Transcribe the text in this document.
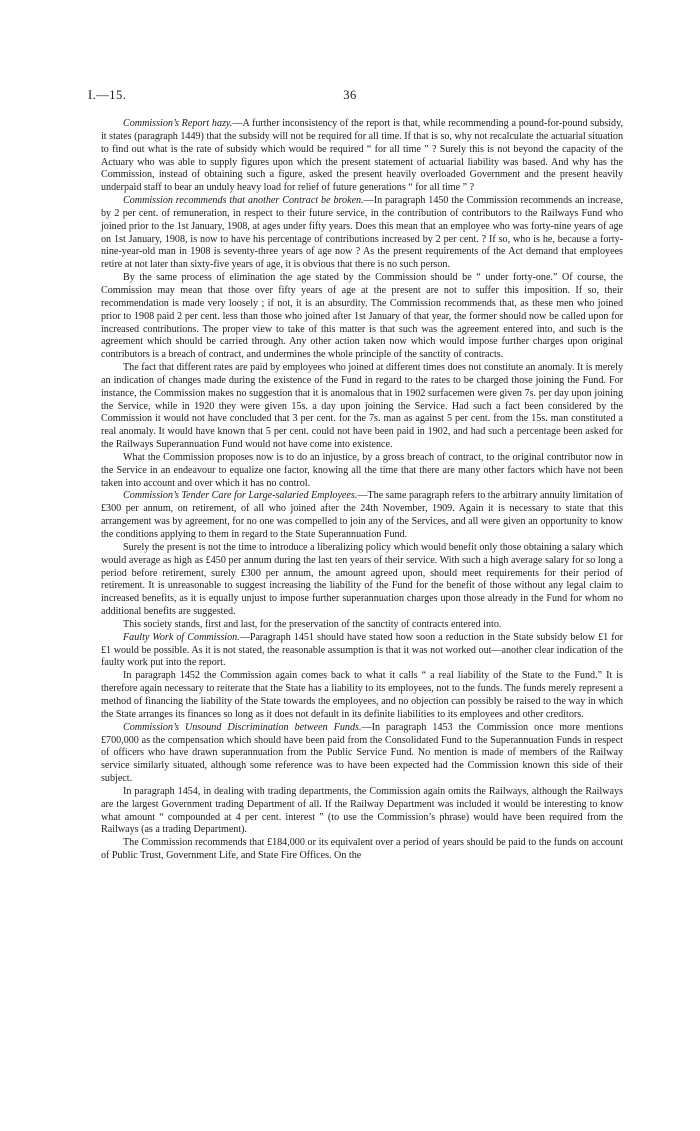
I.—15.	36

Commission’s Report hazy.—A further inconsistency of the report is that, while recommending a pound-for-pound subsidy, it states (paragraph 1449) that the subsidy will not be required for all time. If that is so, why not recalculate the actuarial situation to find out what is the rate of subsidy which would be required “ for all time ” ? Surely this is not beyond the capacity of the Actuary who was able to supply figures upon which the present statement of actuarial liability was based. And why has the Commission, instead of obtaining such a figure, asked the present heavily overloaded Government and the present heavily underpaid staff to bear an unduly heavy load for relief of future generations “ for all time ” ?

Commission recommends that another Contract be broken.—In paragraph 1450 the Commission recommends an increase, by 2 per cent. of remuneration, in respect to their future service, in the contribution of contributors to the Railways Fund who joined prior to the 1st January, 1908, at ages under fifty years. Does this mean that an employee who was forty-nine years of age on 1st January, 1908, is now to have his percentage of contributions increased by 2 per cent. ? If so, who is he, because a forty-nine-year-old man in 1908 is seventy-three years of age now ? As the present requirements of the Act demand that employees retire at not later than sixty-five years of age, it is obvious that there is no such person.

By the same process of elimination the age stated by the Commission should be “ under forty-one.” Of course, the Commission may mean that those over fifty years of age at the present are not to suffer this imposition. If so, their recommendation is made very loosely ; if not, it is an absurdity. The Commission recommends that, as these men who joined prior to 1908 paid 2 per cent. less than those who joined after 1st January of that year, the former should now be called upon for increased contributions. The proper view to take of this matter is that such was the agreement entered into, and such is the agreement which should be carried through. Any other action taken now which would impose further charges upon original contributors is a breach of contract, and undermines the whole principle of the sanctity of contracts.

The fact that different rates are paid by employees who joined at different times does not constitute an anomaly. It is merely an indication of changes made during the existence of the Fund in regard to the rates to be charged those joining the Fund. For instance, the Commission makes no suggestion that it is anomalous that in 1902 surfacemen were given 7s. per day upon joining the Service, while in 1920 they were given 15s. a day upon joining the Service. Had such a fact been considered by the Commission it would not have concluded that 3 per cent. for the 7s. man as against 5 per cent. from the 15s. man constituted a real anomaly. It would have known that 5 per cent. could not have been paid in 1902, and had such a percentage been asked for the Railways Superannuation Fund would not have come into existence.

What the Commission proposes now is to do an injustice, by a gross breach of contract, to the original contributor now in the Service in an endeavour to equalize one factor, knowing all the time that there are many other factors which have not been taken into account and over which it has no control.

Commission’s Tender Care for Large-salaried Employees.—The same paragraph refers to the arbitrary annuity limitation of £300 per annum, on retirement, of all who joined after the 24th November, 1909. Again it is necessary to state that this arrangement was by agreement, for no one was compelled to join any of the Services, and all were given an opportunity to know the conditions applying to them in regard to the State Superannuation Fund.

Surely the present is not the time to introduce a liberalizing policy which would benefit only those obtaining a salary which would average as high as £450 per annum during the last ten years of their service. With such a high average salary for so long a period before retirement, surely £300 per annum, the amount agreed upon, should meet requirements for their period of retirement. It is unreasonable to suggest increasing the liability of the Fund for the benefit of those without any legal claim to increased benefits, as it is equally unjust to impose further superannuation charges upon those already in the Fund for whom no additional benefits are suggested.

This society stands, first and last, for the preservation of the sanctity of contracts entered into.

Faulty Work of Commission.—Paragraph 1451 should have stated how soon a reduction in the State subsidy below £1 for £1 would be possible. As it is not stated, the reasonable assumption is that it was not worked out—another clear indication of the faulty work put into the report.

In paragraph 1452 the Commission again comes back to what it calls “ a real liability of the State to the Fund.” It is therefore again necessary to reiterate that the State has a liability to its employees, not to the funds. The funds merely represent a method of financing the liability of the State towards the employees, and no objection can possibly be raised to the way in which the State arranges its finances so long as it does not default in its definite liabilities to its employees and other creditors.

Commission’s Unsound Discrimination between Funds.—In paragraph 1453 the Commission once more mentions £700,000 as the compensation which should have been paid from the Consolidated Fund to the Superannuation Funds in respect of officers who have drawn superannuation from the Public Service Fund. No mention is made of members of the Railway service similarly situated, although some reference was to have been expected had the Commission known this side of their subject.

In paragraph 1454, in dealing with trading departments, the Commission again omits the Railways, although the Railways are the largest Government trading Department of all. If the Railway Department was included it would be interesting to know what amount “ compounded at 4 per cent. interest ” (to use the Commission’s phrase) would have been required from the Railways (as a trading Department).

The Commission recommends that £184,000 or its equivalent over a period of years should be paid to the funds on account of Public Trust, Government Life, and State Fire Offices. On the
